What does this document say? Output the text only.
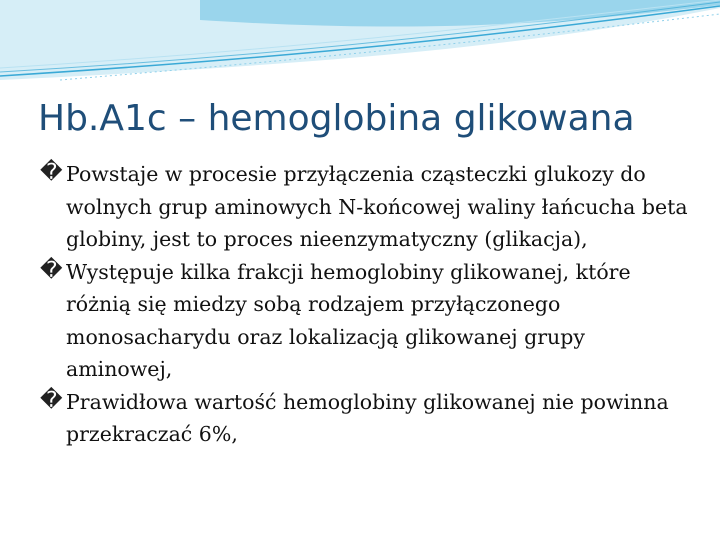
Hb.A1c – hemoglobina glikowana
� Powstaje w procesie przyłączenia cząsteczki glukozy do wolnych grup aminowych N-końcowej waliny łańcucha beta globiny, jest to proces nieenzymatyczny (glikacja),
� Występuje kilka frakcji hemoglobiny glikowanej, które różnią się miedzy sobą rodzajem przyłączonego monosacharydu oraz lokalizacją glikowanej grupy aminowej,
� Prawidłowa wartość hemoglobiny glikowanej nie powinna przekraczać 6%,
